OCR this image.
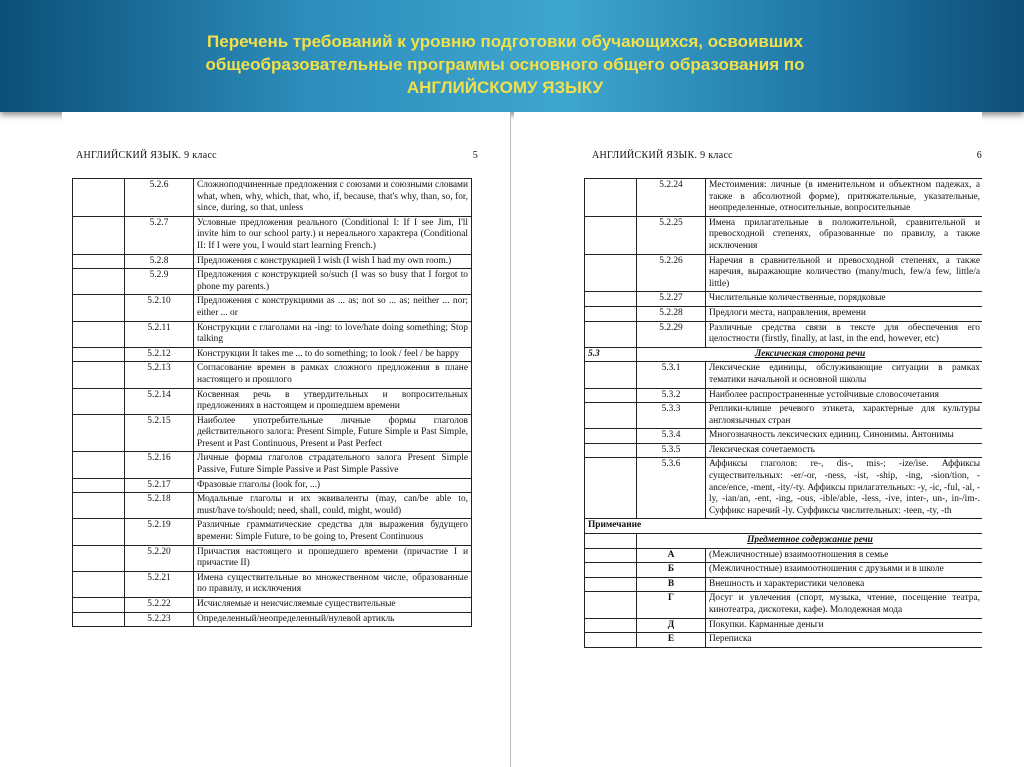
Перечень требований к уровню подготовки обучающихся, освоивших
общеобразовательные программы основного общего образования по
АНГЛИЙСКОМУ ЯЗЫКУ
АНГЛИЙСКИЙ ЯЗЫК. 9 класс	5
	5.2.6	Сложноподчиненные предложения с союзами и союзными словами what, when, why, which, that, who, if, because, that's why, than, so, for, since, during, so that, unless
	5.2.7	Условные предложения реального (Conditional I: If I see Jim, I'll invite him to our school party.) и нереального характера (Conditional II: If I were you, I would start learning French.)
	5.2.8	Предложения с конструкцией I wish (I wish I had my own room.)
	5.2.9	Предложения с конструкцией so/such (I was so busy that I forgot to phone my parents.)
	5.2.10	Предложения с конструкциями as ... as; not so ... as; neither ... nor; either ... or
	5.2.11	Конструкции с глаголами на -ing: to love/hate doing something; Stop talking
	5.2.12	Конструкции It takes me ... to do something; to look / feel / be happy
	5.2.13	Согласование времен в рамках сложного предложения в плане настоящего и прошлого
	5.2.14	Косвенная речь в утвердительных и вопросительных предложениях в настоящем и прошедшем времени
	5.2.15	Наиболее употребительные личные формы глаголов действительного залога: Present Simple, Future Simple и Past Simple, Present и Past Continuous, Present и Past Perfect
	5.2.16	Личные формы глаголов страдательного залога Present Simple Passive, Future Simple Passive и Past Simple Passive
	5.2.17	Фразовые глаголы (look for, ...)
	5.2.18	Модальные глаголы и их эквиваленты (may, can/be able to, must/have to/should; need, shall, could, might, would)
	5.2.19	Различные грамматические средства для выражения будущего времени: Simple Future, to be going to, Present Continuous
	5.2.20	Причастия настоящего и прошедшего времени (причастие I и причастие II)
	5.2.21	Имена существительные во множественном числе, образованные по правилу, и исключения
	5.2.22	Исчисляемые и неисчисляемые существительные
	5.2.23	Определенный/неопределенный/нулевой артикль
АНГЛИЙСКИЙ ЯЗЫК. 9 класс	6
	5.2.24	Местоимения: личные (в именительном и объектном падежах, а также в абсолютной форме), притяжательные, указательные, неопределенные, относительные, вопросительные
	5.2.25	Имена прилагательные в положительной, сравнительной и превосходной степенях, образованные по правилу, а также исключения
	5.2.26	Наречия в сравнительной и превосходной степенях, а также наречия, выражающие количество (many/much, few/a few, little/a little)
	5.2.27	Числительные количественные, порядковые
	5.2.28	Предлоги места, направления, времени
	5.2.29	Различные средства связи в тексте для обеспечения его целостности (firstly, finally, at last, in the end, however, etc)
5.3	Лексическая сторона речи	
	5.3.1	Лексические единицы, обслуживающие ситуации в рамках тематики начальной и основной школы
	5.3.2	Наиболее распространенные устойчивые словосочетания
	5.3.3	Реплики-клише речевого этикета, характерные для культуры англоязычных стран
	5.3.4	Многозначность лексических единиц. Синонимы. Антонимы
	5.3.5	Лексическая сочетаемость
	5.3.6	Аффиксы глаголов: re-, dis-, mis-; -ize/ise. Аффиксы существительных: -er/-or, -ness, -ist, -ship, -ing, -sion/tion, -ance/ence, -ment, -ity/-ty. Аффиксы прилагательных: -y, -ic, -ful, -al, -ly, -ian/an, -ent, -ing, -ous, -ible/able, -less, -ive, inter-, un-, in-/im-. Суффикс наречий -ly. Суффиксы числительных: -teen, -ty, -th
Примечание		
	Предметное содержание речи	
	А	(Межличностные) взаимоотношения в семье
	Б	(Межличностные) взаимоотношения с друзьями и в школе
	В	Внешность и характеристики человека
	Г	Досуг и увлечения (спорт, музыка, чтение, посещение театра, кинотеатра, дискотеки, кафе). Молодежная мода
	Д	Покупки. Карманные деньги
	Е	Переписка
